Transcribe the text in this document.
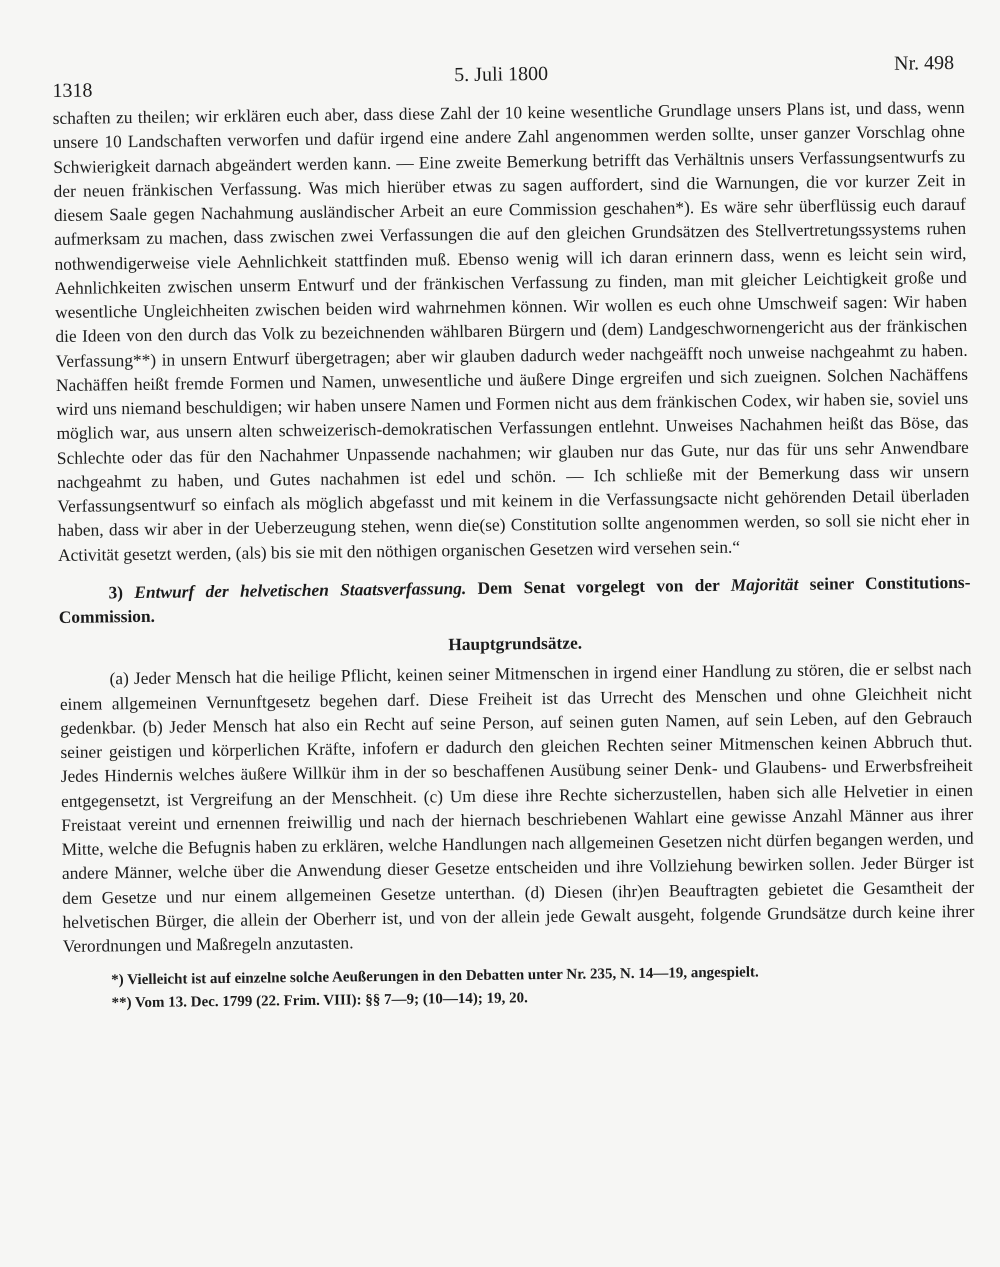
1318
5. Juli 1800	Nr. 498

schaften zu theilen; wir erklären euch aber, dass diese Zahl der 10 keine wesentliche Grundlage unsers Plans ist, und dass, wenn unsere 10 Landschaften verworfen und dafür irgend eine andere Zahl angenommen werden sollte, unser ganzer Vorschlag ohne Schwierigkeit darnach abgeändert werden kann. — Eine zweite Bemerkung betrifft das Verhältnis unsers Verfassungsentwurfs zu der neuen fränkischen Verfassung. Was mich hierüber etwas zu sagen auffordert, sind die Warnungen, die vor kurzer Zeit in diesem Saale gegen Nachahmung ausländischer Arbeit an eure Commission geschahen*). Es wäre sehr überflüssig euch darauf aufmerksam zu machen, dass zwischen zwei Verfassungen die auf den gleichen Grundsätzen des Stellvertretungssystems ruhen nothwendigerweise viele Aehnlichkeit stattfinden muß. Ebenso wenig will ich daran erinnern dass, wenn es leicht sein wird, Aehnlichkeiten zwischen unserm Entwurf und der fränkischen Verfassung zu finden, man mit gleicher Leichtigkeit große und wesentliche Ungleichheiten zwischen beiden wird wahrnehmen können. Wir wollen es euch ohne Umschweif sagen: Wir haben die Ideen von den durch das Volk zu bezeichnenden wählbaren Bürgern und (dem) Landgeschwornengericht aus der fränkischen Verfassung**) in unsern Entwurf übergetragen; aber wir glauben dadurch weder nachgeäfft noch unweise nachgeahmt zu haben. Nachäffen heißt fremde Formen und Namen, unwesentliche und äußere Dinge ergreifen und sich zueignen. Solchen Nachäffens wird uns niemand beschuldigen; wir haben unsere Namen und Formen nicht aus dem fränkischen Codex, wir haben sie, soviel uns möglich war, aus unsern alten schweizerisch-demokratischen Verfassungen entlehnt. Unweises Nachahmen heißt das Böse, das Schlechte oder das für den Nachahmer Unpassende nachahmen; wir glauben nur das Gute, nur das für uns sehr Anwendbare nachgeahmt zu haben, und Gutes nachahmen ist edel und schön. — Ich schließe mit der Bemerkung dass wir unsern Verfassungsentwurf so einfach als möglich abgefasst und mit keinem in die Verfassungsacte nicht gehörenden Detail überladen haben, dass wir aber in der Ueberzeugung stehen, wenn die(se) Constitution sollte angenommen werden, so soll sie nicht eher in Activität gesetzt werden, (als) bis sie mit den nöthigen organischen Gesetzen wird versehen sein.“

3) Entwurf der helvetischen Staatsverfassung. Dem Senat vorgelegt von der Majorität seiner Constitutions-Commission.

Hauptgrundsätze.

(a) Jeder Mensch hat die heilige Pflicht, keinen seiner Mitmenschen in irgend einer Handlung zu stören, die er selbst nach einem allgemeinen Vernunftgesetz begehen darf. Diese Freiheit ist das Urrecht des Menschen und ohne Gleichheit nicht gedenkbar. (b) Jeder Mensch hat also ein Recht auf seine Person, auf seinen guten Namen, auf sein Leben, auf den Gebrauch seiner geistigen und körperlichen Kräfte, infofern er dadurch den gleichen Rechten seiner Mitmenschen keinen Abbruch thut. Jedes Hindernis welches äußere Willkür ihm in der so beschaffenen Ausübung seiner Denk- und Glaubens- und Erwerbsfreiheit entgegensetzt, ist Vergreifung an der Menschheit. (c) Um diese ihre Rechte sicherzustellen, haben sich alle Helvetier in einen Freistaat vereint und ernennen freiwillig und nach der hiernach beschriebenen Wahlart eine gewisse Anzahl Männer aus ihrer Mitte, welche die Befugnis haben zu erklären, welche Handlungen nach allgemeinen Gesetzen nicht dürfen begangen werden, und andere Männer, welche über die Anwendung dieser Gesetze entscheiden und ihre Vollziehung bewirken sollen. Jeder Bürger ist dem Gesetze und nur einem allgemeinen Gesetze unterthan. (d) Diesen (ihr)en Beauftragten gebietet die Gesamtheit der helvetischen Bürger, die allein der Oberherr ist, und von der allein jede Gewalt ausgeht, folgende Grundsätze durch keine ihrer Verordnungen und Maßregeln anzutasten.

*) Vielleicht ist auf einzelne solche Aeußerungen in den Debatten unter Nr. 235, N. 14—19, angespielt.

**) Vom 13. Dec. 1799 (22. Frim. VIII): §§ 7—9; (10—14); 19, 20.
